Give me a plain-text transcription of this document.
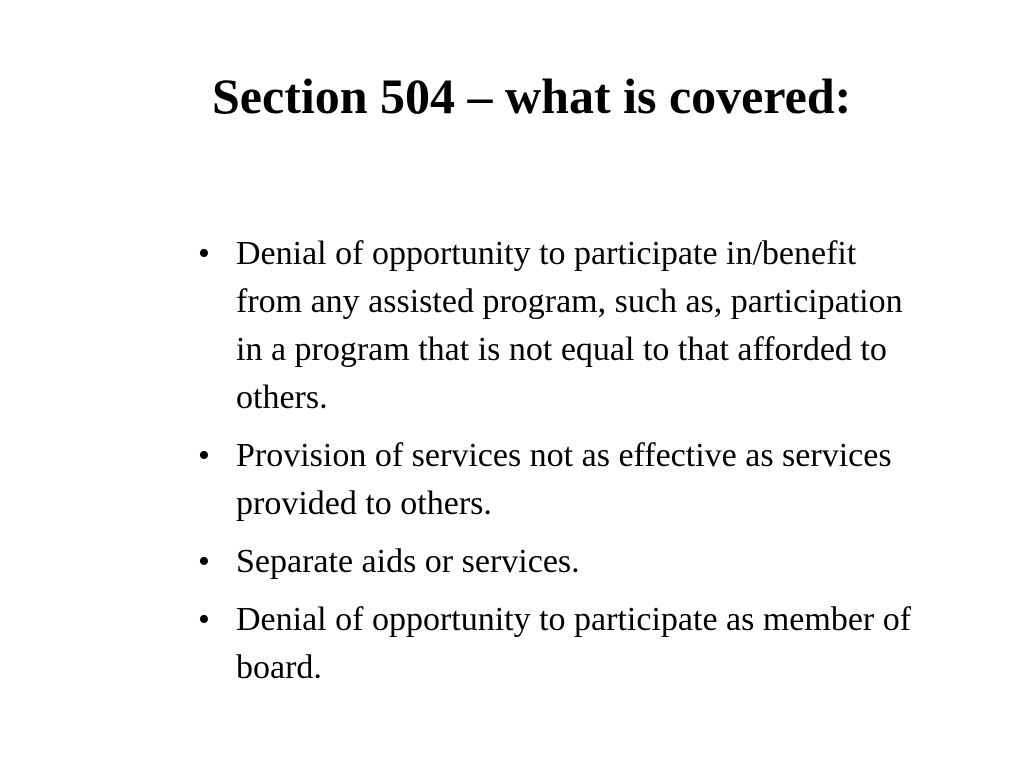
Section 504 – what is covered:
• Denial of opportunity to participate in/benefit from any assisted program, such as, participation in a program that is not equal to that afforded to others.
• Provision of services not as effective as services provided to others.
• Separate aids or services.
• Denial of opportunity to participate as member of board.
